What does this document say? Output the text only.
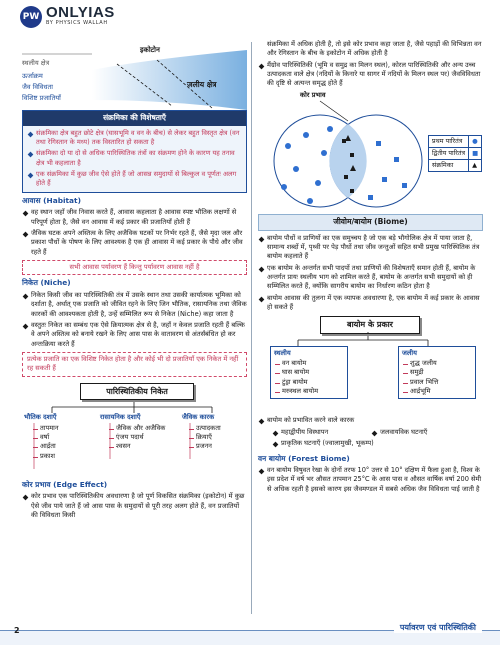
PW ONLYIAS
BY PHYSICS WALLAH
इकोटोन
स्थलीय क्षेत्र
जलीय क्षेत्र
ऊर्जाक्रम
जैव विविधता
विशिष्ट प्रजातियाँ
संक्रमिका की विशेषताएँ
संक्रमिका क्षेत्र बहुत छोटे क्षेत्र (घासभूमि व वन के बीच) से लेकर बहुत विस्तृत क्षेत्र (वन तथा रेगिस्तान के मध्य) तक विस्तारित हो सकता है
संक्रमिका दो या दो से अधिक पारिस्थितिक तंत्रों का संक्रमण होने के कारण यह तनाव क्षेत्र भी कहलाता है
एक संक्रमिका में कुछ जीव ऐसे होते हैं जो आसन्न समुदायों से बिल्कुल व पूर्णतः अलग होते हैं
आवास (Habitat)
वह स्थान जहाँ जीव निवास करते हैं, आवास कहलाता है आवास स्पष्ट भौतिक लक्षणों से परिपूर्ण होता है, जैसे वन आवास में कई प्रकार की प्रजातियाँ होती हैं
जैविक घटक अपने अस्तित्व के लिए अजैविक घटकों पर निर्भर रहते हैं, जैसे मृदा जल और प्रकाश पौधों के पोषण के लिए आवश्यक है एक ही आवास में कई प्रकार के पौधे और जीव रहते हैं
सभी आवास पर्यावरण हैं किन्तु पर्यावरण आवास नहीं है
निकेत (Niche)
निकेत किसी जीव का पारिस्थितिकी तंत्र में उसके स्थान तथा उसकी कार्यात्मक भूमिका को दर्शाता है, अर्थात् एक प्रजाति को जीवित रहने के लिए जिन भौतिक, रासायनिक तथा जैविक कारकों की आवश्यकता होती है, उन्हें सम्मिलित रूप से निकेत (Niche) कहा जाता है
वस्तुतः निकेत का सम्बंध एक ऐसे क्रियात्मक क्षेत्र से है, जहाँ न केवल प्रजाति रहती हैं बल्कि वे अपने अस्तित्व को बनाये रखने के लिए आस पास के वातावरण से अंतर्संबंधित हो कर अन्तःक्रिया करते हैं
प्रत्येक प्रजाति का एक विशिष्ट निकेत होता है और कोई भी दो प्रजातियाँ एक निकेत में नहीं रह सकती हैं
पारिस्थितिकीय निकेत
भौतिक दशाएँ
तापमान
वर्षा
आर्द्रता
प्रकाश
रासायनिक दशाएँ
जैविक और अजैविक
एंजय पदार्थ
श्वसन
जैविक कारक
उत्पादकता
क्रियाएँ
प्रजनन
कोर प्रभाव (Edge Effect)
कोर प्रभाव एक पारिस्थितिकीय अवधारणा है जो पूर्ण विकसित संक्रमिका (इकोटोन) में कुछ ऐसे जीव पाये जाते हैं जो आस पास के समुदायों से पूरी तरह अलग होते हैं, वन प्रजातियों की विविधता किसी
संक्रमिका में अधिक होती है, तो इसे कोर प्रभाव कहा जाता है, जैसे पहाड़ों की विभिन्नता वन और रेगिस्तान के बीच के इकोटोन में अधिक होती है
मैंग्रोव पारिस्थितिकी (भूमि व समुद्र का मिलन स्थल), कोरल पारिस्थितिकी और अन्य उच्च उत्पादकता वाले क्षेत्र (नदियों के किनारे या सागर में नदियों के मिलन स्थल पर) जैवविविधता की दृष्टि से अत्यन्त समृद्ध होते हैं
कोर प्रभाव
प्रथम पारितंत्र	●
द्वितीय पारितंत्र	■
संक्रमिका	▲
जीवोम/बायोम (Biome)
बायोम पौधों व प्राणियों का एक समुच्चय है जो एक बड़े भौगोलिक क्षेत्र में पाया जाता है, सामान्य शब्दों में, पृथ्वी पर पेड़ पौधों तथा जीव जन्तुओं सहित सभी प्रमुख पारिस्थितिक तंत्र बायोम कहलाते हैं
एक बायोम के अन्तर्गत सभी पादपों तथा प्राणियों की विशेषताएँ समान होती हैं, बायोम के अन्तर्गत प्रायः स्थलीय भाग को शामिल करते हैं, बायोम के अन्तर्गत सभी समुदायों को ही सम्मिलित करते हैं, क्योंकि सागरीय बायोम का निर्धारण कठिन होता है
बायोम आवास की तुलना में एक व्यापक अवधारणा है, एक बायोम में कई प्रकार के आवास हो सकते हैं
बायोम के प्रकार
स्थलीय
वन बायोम
घास बायोम
टुंड्रा बायोम
मरुस्थल बायोम
जलीय
शुद्ध जलीय
समुद्री
प्रवाल भित्ति
आर्द्रभूमि
बायोम को प्रभावित करने वाले कारक
महाद्वीपीय विस्थापन	जलवायविक घटनाएँ
प्राकृतिक घटनाएँ (ज्वालामुखी, भूकम्प)
वन बायोम (Forest Biome)
वन बायोम विषुवत रेखा के दोनों तरफ 10° उत्तर से 10° दक्षिण में फैला हुआ है, विश्व के इस प्रदेश में वर्ष भर औसत तापमान 25°C के आस पास व औसत वार्षिक वर्षा 200 सेमी से अधिक रहती है इसको कारण इस जैवमण्डल में सबसे अधिक जैव विविधता पाई जाती है
2	पर्यावरण एवं पारिस्थितिकी
